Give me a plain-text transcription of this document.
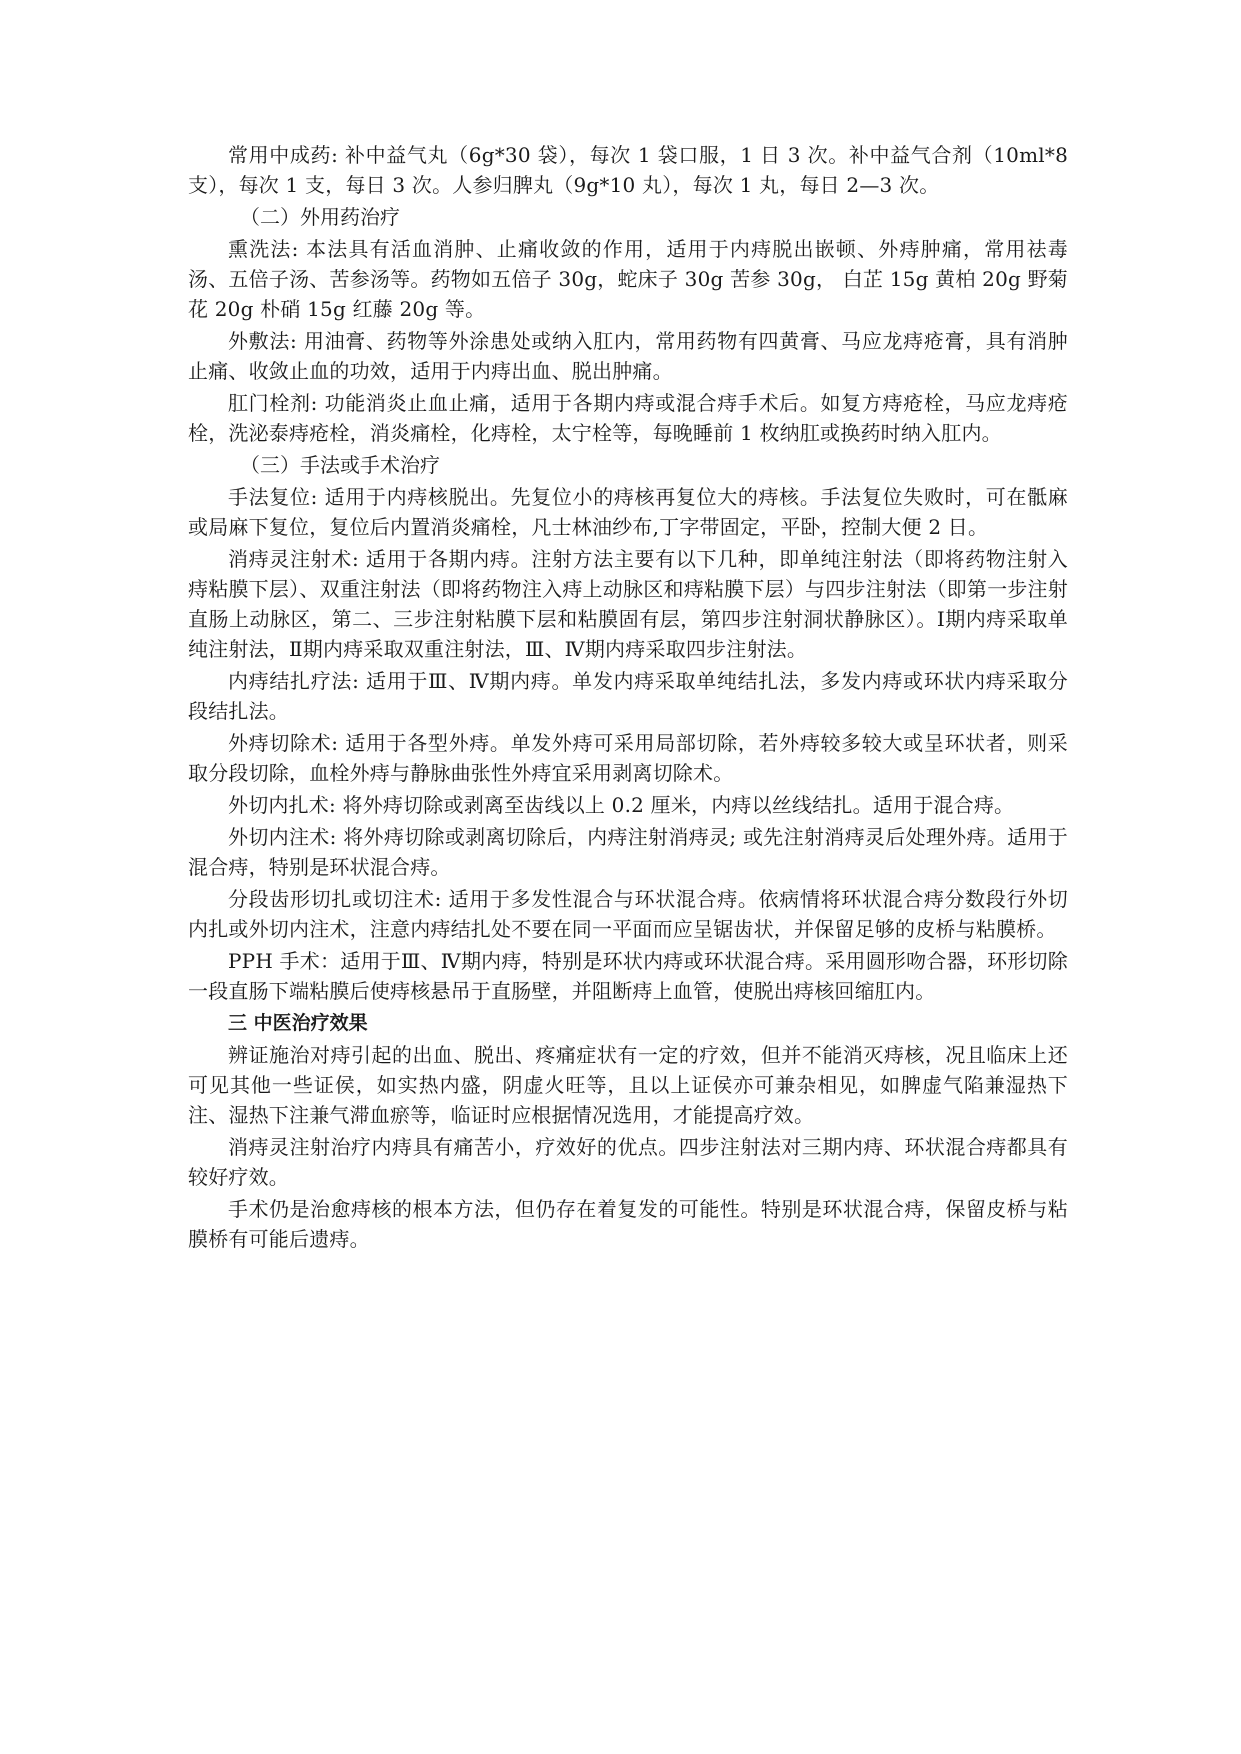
常用中成药: 补中益气丸（6g*30 袋），每次 1 袋口服，1 日 3 次。补中益气合剂（10ml*8 支），每次 1 支，每日 3 次。人参归脾丸（9g*10 丸），每次 1 丸，每日 2—3 次。

（二）外用药治疗

熏洗法: 本法具有活血消肿、止痛收敛的作用，适用于内痔脱出嵌顿、外痔肿痛，常用祛毒汤、五倍子汤、苦参汤等。药物如五倍子 30g，蛇床子 30g 苦参 30g， 白芷 15g 黄柏 20g 野菊花 20g 朴硝 15g 红藤 20g 等。

外敷法: 用油膏、药物等外涂患处或纳入肛内，常用药物有四黄膏、马应龙痔疮膏，具有消肿止痛、收敛止血的功效，适用于内痔出血、脱出肿痛。

肛门栓剂: 功能消炎止血止痛，适用于各期内痔或混合痔手术后。如复方痔疮栓，马应龙痔疮栓，洗泌泰痔疮栓，消炎痛栓，化痔栓，太宁栓等，每晚睡前 1 枚纳肛或换药时纳入肛内。

（三）手法或手术治疗

手法复位: 适用于内痔核脱出。先复位小的痔核再复位大的痔核。手法复位失败时，可在骶麻或局麻下复位，复位后内置消炎痛栓，凡士林油纱布,丁字带固定，平卧，控制大便 2 日。

消痔灵注射术: 适用于各期内痔。注射方法主要有以下几种，即单纯注射法（即将药物注射入痔粘膜下层）、双重注射法（即将药物注入痔上动脉区和痔粘膜下层）与四步注射法（即第一步注射直肠上动脉区，第二、三步注射粘膜下层和粘膜固有层，第四步注射洞状静脉区）。Ⅰ期内痔采取单纯注射法，Ⅱ期内痔采取双重注射法，Ⅲ、Ⅳ期内痔采取四步注射法。

内痔结扎疗法: 适用于Ⅲ、Ⅳ期内痔。单发内痔采取单纯结扎法，多发内痔或环状内痔采取分段结扎法。

外痔切除术: 适用于各型外痔。单发外痔可采用局部切除，若外痔较多较大或呈环状者，则采取分段切除，血栓外痔与静脉曲张性外痔宜采用剥离切除术。

外切内扎术: 将外痔切除或剥离至齿线以上 0.2 厘米，内痔以丝线结扎。适用于混合痔。

外切内注术: 将外痔切除或剥离切除后，内痔注射消痔灵; 或先注射消痔灵后处理外痔。适用于混合痔，特别是环状混合痔。

分段齿形切扎或切注术: 适用于多发性混合与环状混合痔。依病情将环状混合痔分数段行外切内扎或外切内注术，注意内痔结扎处不要在同一平面而应呈锯齿状，并保留足够的皮桥与粘膜桥。

PPH 手术：适用于Ⅲ、Ⅳ期内痔，特别是环状内痔或环状混合痔。采用圆形吻合器，环形切除一段直肠下端粘膜后使痔核悬吊于直肠壁，并阻断痔上血管，使脱出痔核回缩肛内。

三 中医治疗效果

辨证施治对痔引起的出血、脱出、疼痛症状有一定的疗效，但并不能消灭痔核，况且临床上还可见其他一些证侯，如实热内盛，阴虚火旺等，且以上证侯亦可兼杂相见，如脾虚气陷兼湿热下注、湿热下注兼气滞血瘀等，临证时应根据情况选用，才能提高疗效。

消痔灵注射治疗内痔具有痛苦小，疗效好的优点。四步注射法对三期内痔、环状混合痔都具有较好疗效。

手术仍是治愈痔核的根本方法，但仍存在着复发的可能性。特别是环状混合痔，保留皮桥与粘膜桥有可能后遗痔。
